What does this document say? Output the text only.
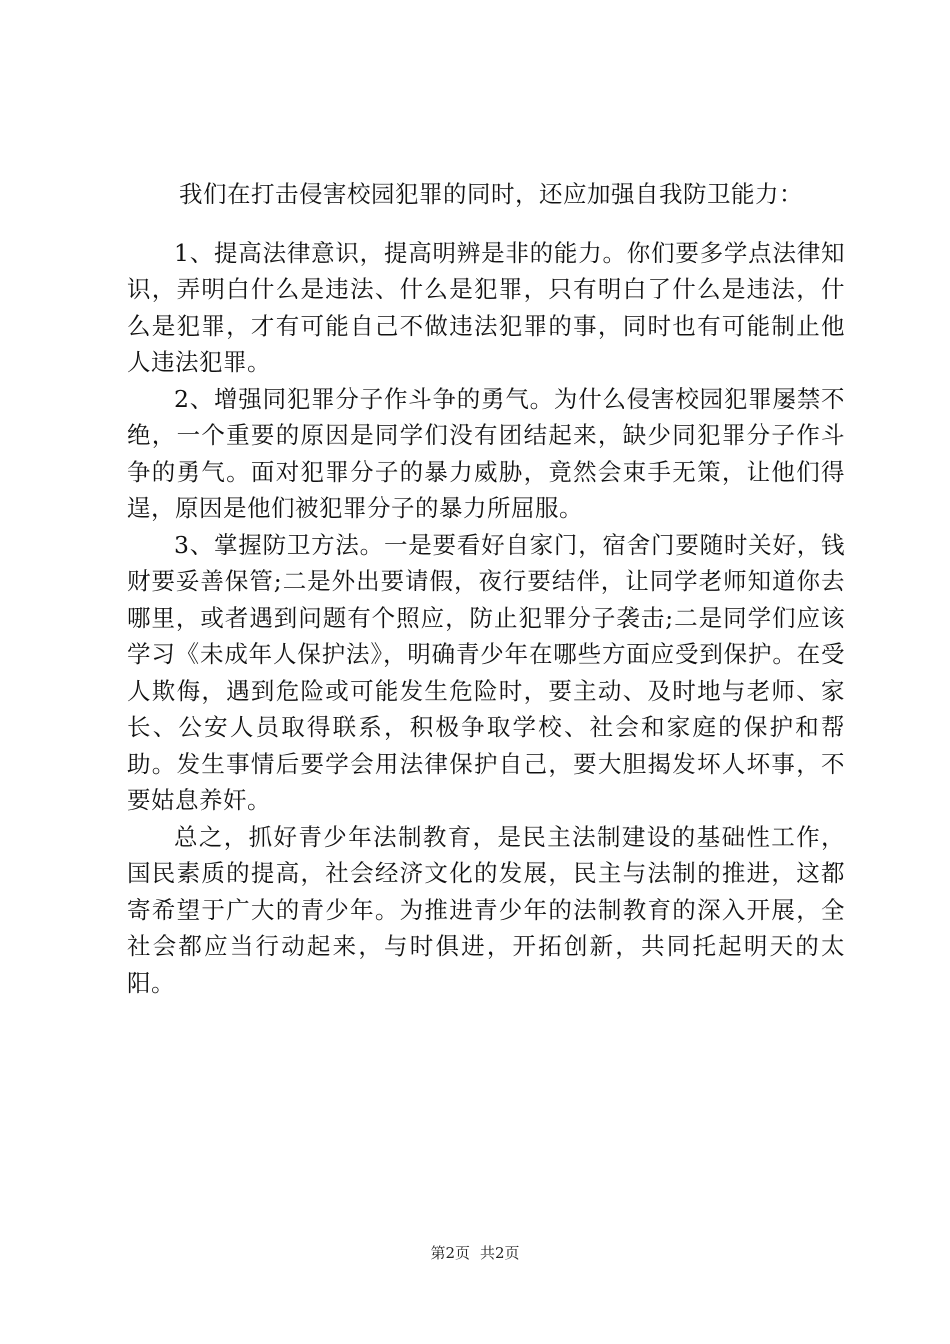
我们在打击侵害校园犯罪的同时，还应加强自我防卫能力：

1、提高法律意识，提高明辨是非的能力。你们要多学点法律知识，弄明白什么是违法、什么是犯罪，只有明白了什么是违法，什么是犯罪，才有可能自己不做违法犯罪的事，同时也有可能制止他人违法犯罪。

2、增强同犯罪分子作斗争的勇气。为什么侵害校园犯罪屡禁不绝，一个重要的原因是同学们没有团结起来，缺少同犯罪分子作斗争的勇气。面对犯罪分子的暴力威胁，竟然会束手无策，让他们得逞，原因是他们被犯罪分子的暴力所屈服。

3、掌握防卫方法。一是要看好自家门，宿舍门要随时关好，钱财要妥善保管;二是外出要请假，夜行要结伴，让同学老师知道你去哪里，或者遇到问题有个照应，防止犯罪分子袭击;二是同学们应该学习《未成年人保护法》，明确青少年在哪些方面应受到保护。在受人欺侮，遇到危险或可能发生危险时，要主动、及时地与老师、家长、公安人员取得联系，积极争取学校、社会和家庭的保护和帮助。发生事情后要学会用法律保护自己，要大胆揭发坏人坏事，不要姑息养奸。

总之，抓好青少年法制教育，是民主法制建设的基础性工作，国民素质的提高，社会经济文化的发展，民主与法制的推进，这都寄希望于广大的青少年。为推进青少年的法制教育的深入开展，全社会都应当行动起来，与时俱进，开拓创新，共同托起明天的太阳。

第2页 共2页
